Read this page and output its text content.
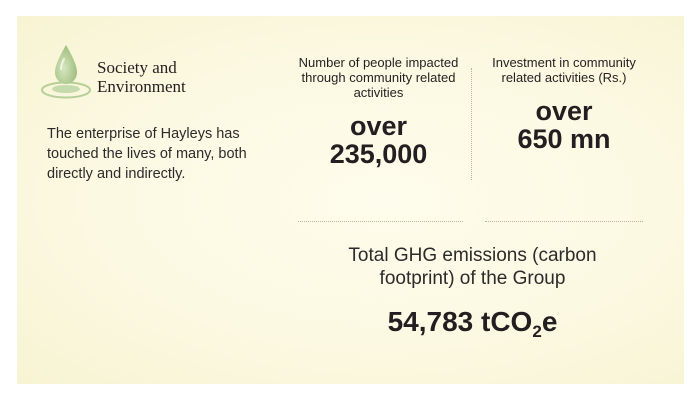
Society and
Environment
The enterprise of Hayleys has touched the lives of many, both directly and indirectly.
Number of people impacted through community related activities
over
235,000
Investment in community related activities (Rs.)
over
650 mn
Total GHG emissions (carbon footprint) of the Group
54,783 tCO$_2$e
